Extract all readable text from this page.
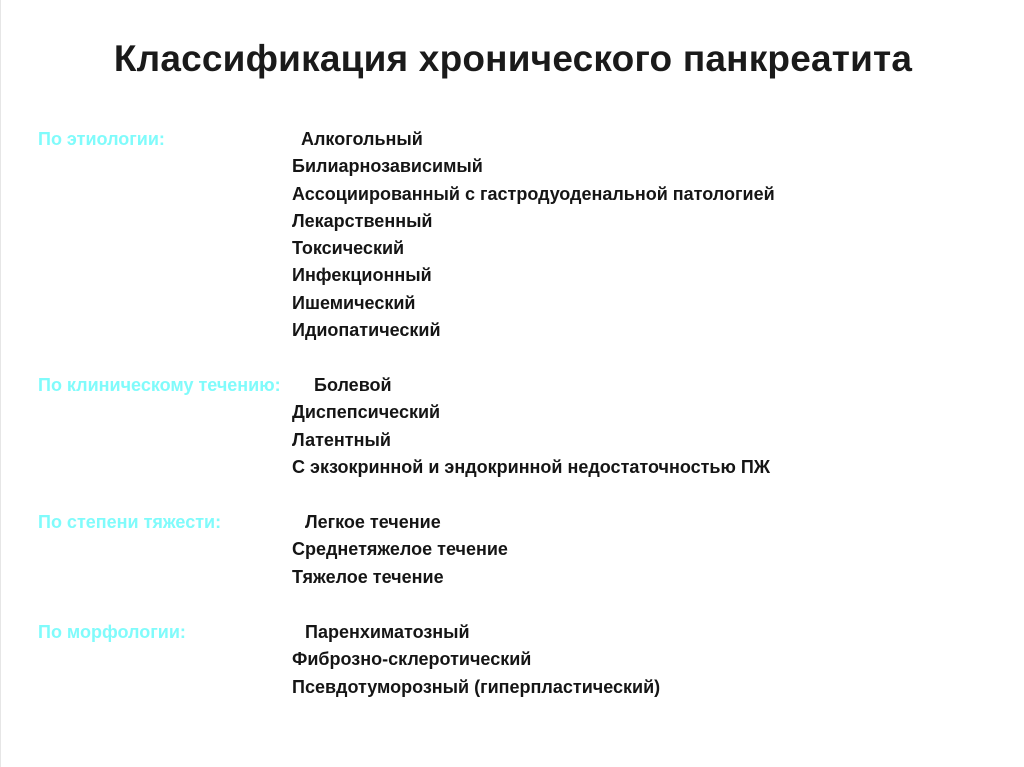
Классификация хронического панкреатита
По этиологии:	Алкогольный
Билиарнозависимый
Ассоциированный с гастродуоденальной патологией
Лекарственный
Токсический
Инфекционный
Ишемический
Идиопатический
По клиническому течению:	Болевой
Диспепсический
Латентный
С экзокринной и эндокринной недостаточностью ПЖ
По степени тяжести:	Легкое течение
Среднетяжелое течение
Тяжелое течение
По морфологии:	Паренхиматозный
Фиброзно-склеротический
Псевдотуморозный (гиперпластический)
